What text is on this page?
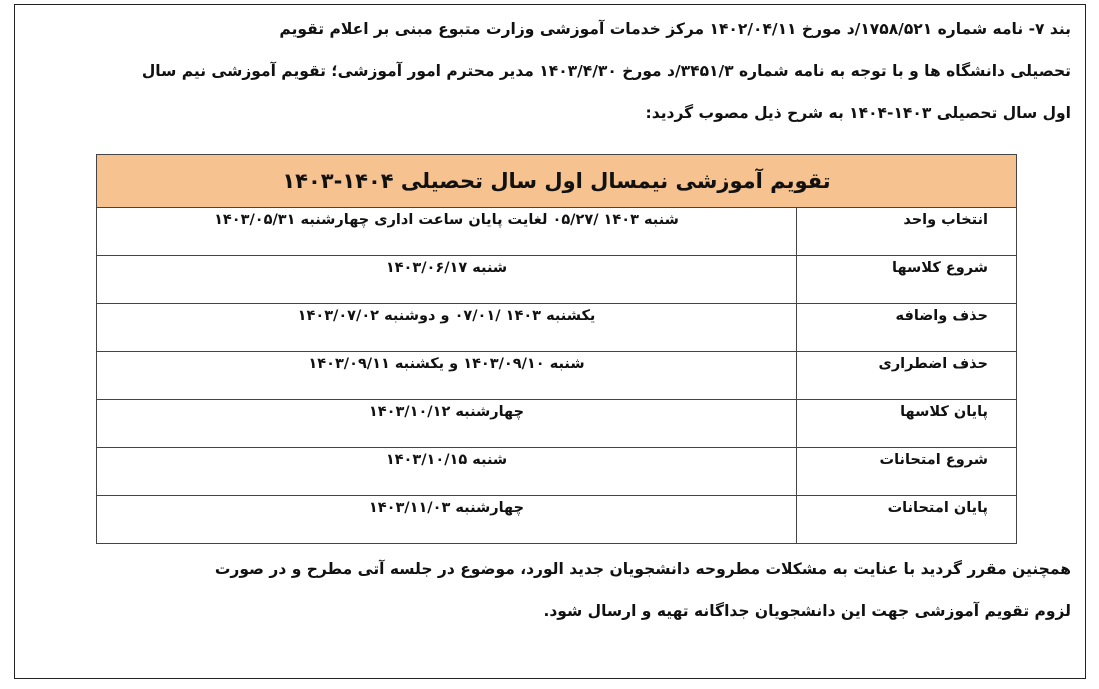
بند ۷- نامه شماره ۱۷۵۸/۵۲۱/د مورخ ۱۴۰۲/۰۴/۱۱ مرکز خدمات آموزشی وزارت متبوع مبنی بر اعلام تقویم
تحصیلی دانشگاه ها و با توجه به نامه شماره ۳۴۵۱/۳/د مورخ ۱۴۰۳/۴/۳۰ مدیر محترم امور آموزشی؛ تقویم آموزشی نیم سال
اول سال تحصیلی ۱۴۰۳-۱۴۰۴ به شرح ذیل مصوب گردید:

تقویم آموزشی نیمسال اول سال تحصیلی ۱۴۰۴-۱۴۰۳	
انتخاب واحد	شنبه ۱۴۰۳ /۰۵/۲۷ لغایت پایان ساعت اداری چهارشنبه ۱۴۰۳/۰۵/۳۱
شروع کلاسها	شنبه ۱۴۰۳/۰۶/۱۷
حذف واضافه	یکشنبه ۱۴۰۳ /۰۷/۰۱ و دوشنبه ۱۴۰۳/۰۷/۰۲
حذف اضطراری	شنبه ۱۴۰۳/۰۹/۱۰ و یکشنبه ۱۴۰۳/۰۹/۱۱
پایان کلاسها	چهارشنبه ۱۴۰۳/۱۰/۱۲
شروع امتحانات	شنبه ۱۴۰۳/۱۰/۱۵
پایان امتحانات	چهارشنبه ۱۴۰۳/۱۱/۰۳

همچنین مقرر گردید با عنایت به مشکلات مطروحه دانشجویان جدید الورد، موضوع در جلسه آتی مطرح و در صورت
لزوم تقویم آموزشی جهت این دانشجویان جداگانه تهیه و ارسال شود.
